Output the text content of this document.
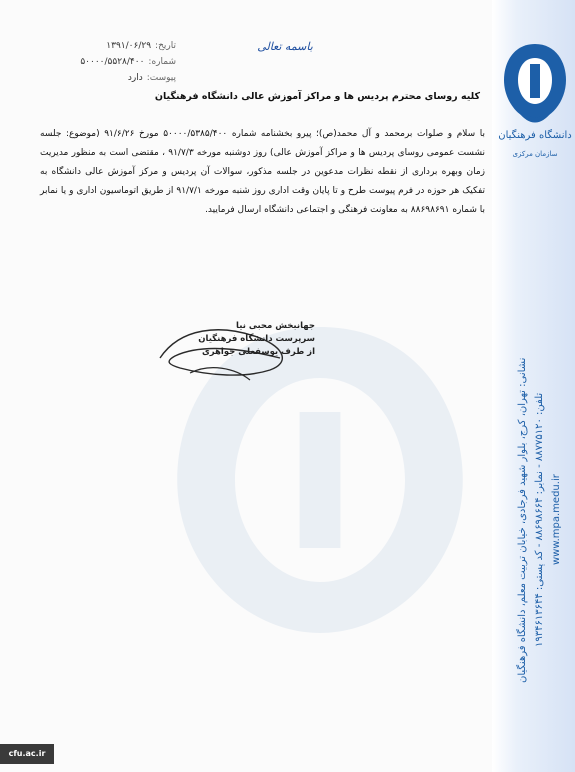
دانشگاه فرهنگیان
سازمان مرکزی
تاریخ:
۱۳۹۱/۰۶/۲۹
شماره:
۵۰۰۰۰/۵۵۲۸/۴۰۰
پیوست:
دارد
باسمه تعالی
کلیه روسای محترم پردیس ها و مراکز آموزش عالی دانشگاه فرهنگیان

با سلام و صلوات برمحمد و آل محمد(ص)؛ پیرو بخشنامه شماره ۵۰۰۰۰/۵۳۸۵/۴۰۰ مورخ ۹۱/۶/۲۶ (موضوع: جلسه نشست عمومی روسای پردیس ها و مراکز آموزش عالی) روز دوشنبه مورخه ۹۱/۷/۳ ، مقتضی است به منظور مدیریت زمان وبهره برداری از نقطه نظرات مدعوین در جلسه مذکور، سوالات آن پردیس و مرکز آموزش عالی دانشگاه به تفکیک هر حوزه در فرم پیوست طرح و تا پایان وقت اداری روز شنبه مورخه ۹۱/۷/۱ از طریق اتوماسیون اداری و یا نمابر با شماره ۸۸۶۹۸۶۹۱ به معاونت فرهنگی و اجتماعی دانشگاه ارسال فرمایید.

جهانبخش محبی نیا
سرپرست دانشگاه فرهنگیان
از طرف یوسفعلی جواهری
نشانی: تهران، کرج، بلوار شهید فرجادی، خیابان تربیت معلم، دانشگاه فرهنگیان تلفن: ۸۸۷۷۵۱۲۰ - نمابر: ۸۸۶۹۸۶۶۴ - کد پستی: ۱۹۳۴۶۱۳۶۴۴
www.mpa.medu.ir
cfu.ac.ir
